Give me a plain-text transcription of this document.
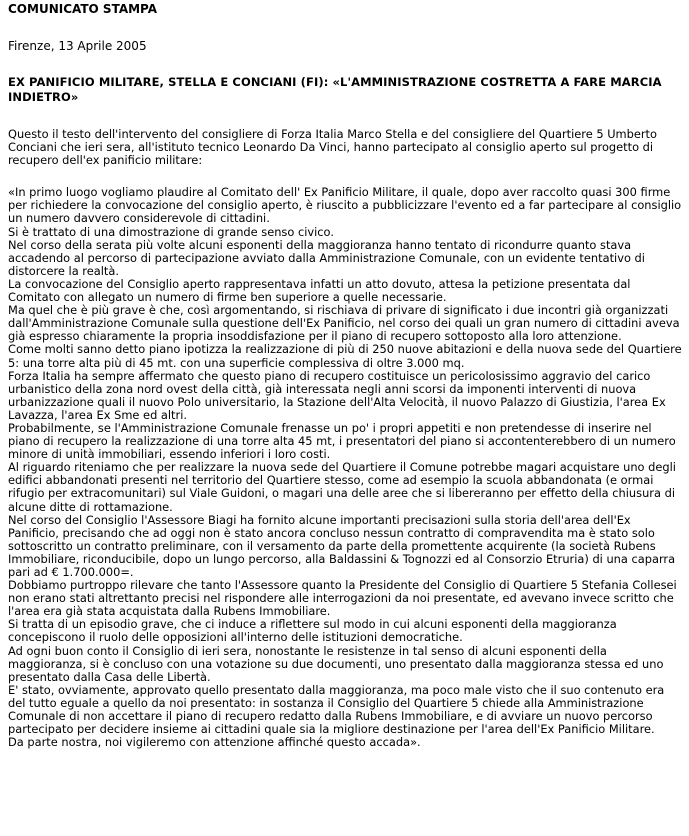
COMUNICATO STAMPA
Firenze, 13 Aprile 2005
EX PANIFICIO MILITARE, STELLA E CONCIANI (FI): «L'AMMINISTRAZIONE COSTRETTA A FARE MARCIA INDIETRO»
Questo il testo dell'intervento del consigliere di Forza Italia Marco Stella e del consigliere del Quartiere 5 Umberto Conciani che ieri sera, all'istituto tecnico Leonardo Da Vinci, hanno partecipato al consiglio aperto sul progetto di recupero dell'ex panificio militare:
«In primo luogo vogliamo plaudire al Comitato dell' Ex Panificio Militare, il quale, dopo aver raccolto quasi 300 firme per richiedere la convocazione del consiglio aperto, è riuscito a pubblicizzare l'evento ed a far partecipare al consiglio un numero davvero considerevole di cittadini.
Si è trattato di una dimostrazione di grande senso civico.
Nel corso della serata più volte alcuni esponenti della maggioranza hanno tentato di ricondurre quanto stava accadendo al percorso di partecipazione avviato dalla Amministrazione Comunale, con un evidente tentativo di distorcere la realtà.
La convocazione del Consiglio aperto rappresentava infatti un atto dovuto, attesa la petizione presentata dal Comitato con allegato un numero di firme ben superiore a quelle necessarie.
Ma quel che è più grave è che, così argomentando, si rischiava di privare di significato i due incontri già organizzati dall'Amministrazione Comunale sulla questione dell'Ex Panificio, nel corso dei quali un gran numero di cittadini aveva già espresso chiaramente la propria insoddisfazione per il piano di recupero sottoposto alla loro attenzione.
Come molti sanno detto piano ipotizza la realizzazione di più di 250 nuove abitazioni e della nuova sede del Quartiere 5: una torre alta più di 45 mt. con una superficie complessiva di oltre 3.000 mq.
Forza Italia ha sempre affermato che questo piano di recupero costituisce un pericolosissimo aggravio del carico urbanistico della zona nord ovest della città, già interessata negli anni scorsi da imponenti interventi di nuova urbanizzazione quali il nuovo Polo universitario, la Stazione dell'Alta Velocità, il nuovo Palazzo di Giustizia, l'area Ex Lavazza, l'area Ex Sme ed altri.
Probabilmente, se l'Amministrazione Comunale frenasse un po' i propri appetiti e non pretendesse di inserire nel piano di recupero la realizzazione di una torre alta 45 mt, i presentatori del piano si accontenterebbero di un numero minore di unità immobiliari, essendo inferiori i loro costi.
Al riguardo riteniamo che per realizzare la nuova sede del Quartiere il Comune potrebbe magari acquistare uno degli edifici abbandonati presenti nel territorio del Quartiere stesso, come ad esempio la scuola abbandonata (e ormai rifugio per extracomunitari) sul Viale Guidoni, o magari una delle aree che si libereranno per effetto della chiusura di alcune ditte di rottamazione.
Nel corso del Consiglio l'Assessore Biagi ha fornito alcune importanti precisazioni sulla storia dell'area dell'Ex Panificio, precisando che ad oggi non è stato ancora concluso nessun contratto di compravendita ma è stato solo sottoscritto un contratto preliminare, con il versamento da parte della promettente acquirente (la società Rubens Immobiliare, riconducibile, dopo un lungo percorso, alla Baldassini & Tognozzi ed al Consorzio Etruria) di una caparra pari ad € 1.700.000=.
Dobbiamo purtroppo rilevare che tanto l'Assessore quanto la Presidente del Consiglio di Quartiere 5 Stefania Collesei non erano stati altrettanto precisi nel rispondere alle interrogazioni da noi presentate, ed avevano invece scritto che l'area era già stata acquistata dalla Rubens Immobiliare.
Si tratta di un episodio grave, che ci induce a riflettere sul modo in cui alcuni esponenti della maggioranza concepiscono il ruolo delle opposizioni all'interno delle istituzioni democratiche.
Ad ogni buon conto il Consiglio di ieri sera, nonostante le resistenze in tal senso di alcuni esponenti della maggioranza, si è concluso con una votazione su due documenti, uno presentato dalla maggioranza stessa ed uno presentato dalla Casa delle Libertà.
E' stato, ovviamente, approvato quello presentato dalla maggioranza, ma poco male visto che il suo contenuto era del tutto eguale a quello da noi presentato: in sostanza il Consiglio del Quartiere 5 chiede alla Amministrazione Comunale di non accettare il piano di recupero redatto dalla Rubens Immobiliare, e di avviare un nuovo percorso partecipato per decidere insieme ai cittadini quale sia la migliore destinazione per l'area dell'Ex Panificio Militare.
Da parte nostra, noi vigileremo con attenzione affinché questo accada».
